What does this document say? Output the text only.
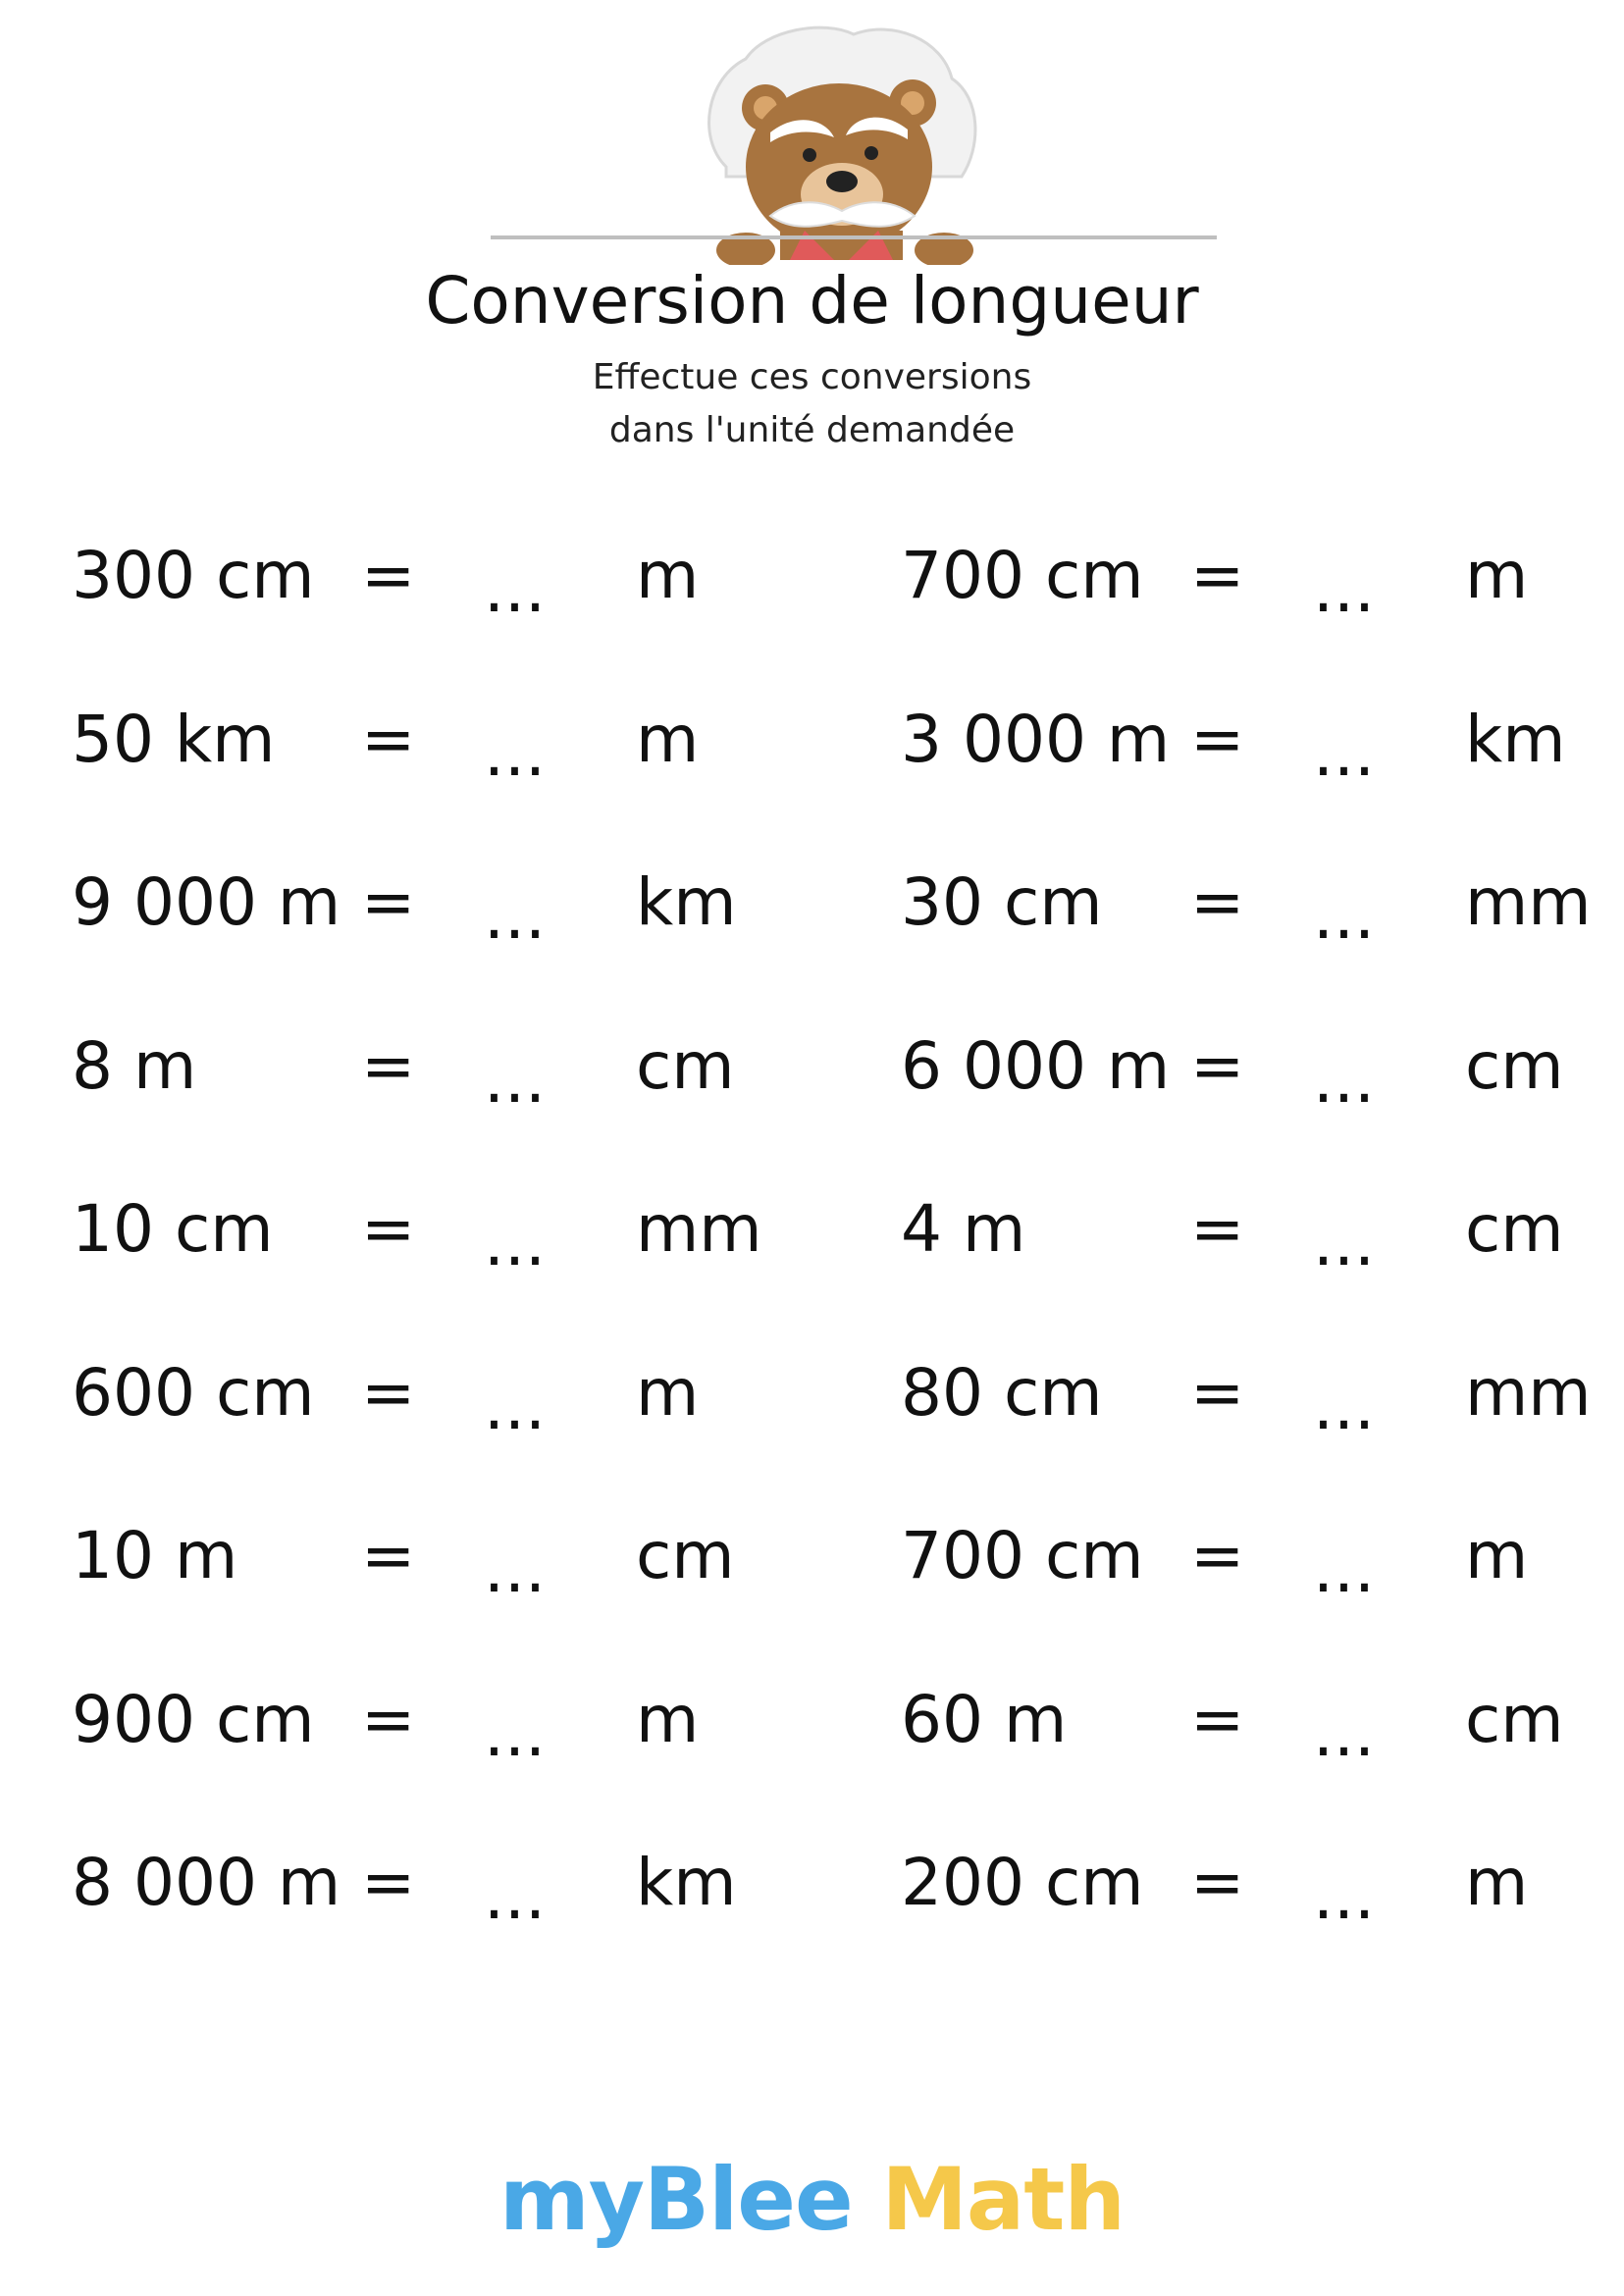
Conversion de longueur
Effectue ces conversions
dans l'unité demandée
300 cm = ... m
50 km = ... m
9 000 m = ... km
8 m	= ... cm
10 cm = ... mm
600 cm = ... m
10 m = ... cm
900 cm = ... m
8 000 m = ... km
700 cm = ... m
3 000 m = ... km
30 cm = ... mm
6 000 m = ... cm
4 m	= ... cm
80 cm = ... mm
700 cm = ... m
60 m = ... cm
200 cm = ... m
myBlee Math
